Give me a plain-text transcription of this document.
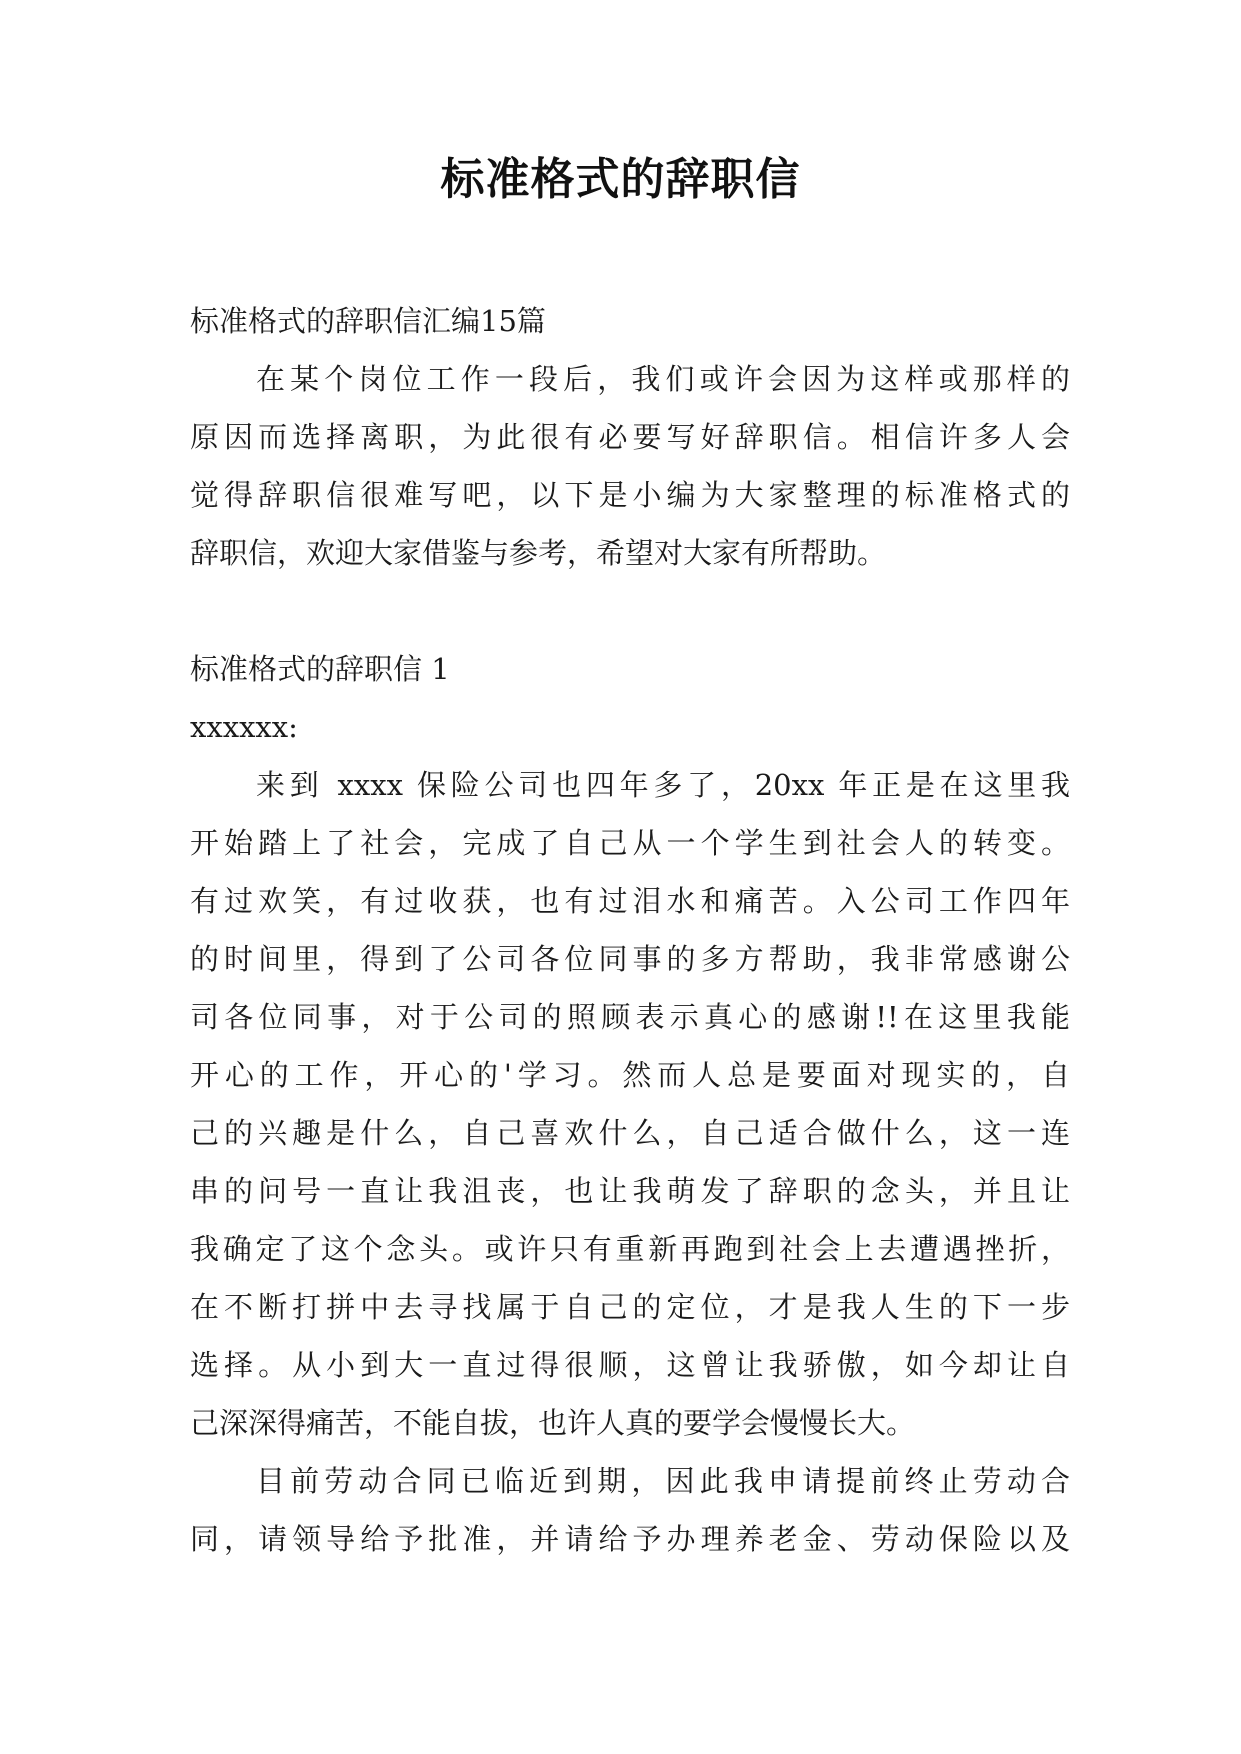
标准格式的辞职信
标准格式的辞职信汇编15篇
在某个岗位工作一段后，我们或许会因为这样或那样的
原因而选择离职，为此很有必要写好辞职信。相信许多人会
觉得辞职信很难写吧，以下是小编为大家整理的标准格式的
辞职信，欢迎大家借鉴与参考，希望对大家有所帮助。
标准格式的辞职信 1
xxxxxx:
来到 xxxx 保险公司也四年多了，20xx 年正是在这里我
开始踏上了社会，完成了自己从一个学生到社会人的转变。
有过欢笑，有过收获，也有过泪水和痛苦。入公司工作四年
的时间里，得到了公司各位同事的多方帮助，我非常感谢公
司各位同事，对于公司的照顾表示真心的感谢!!在这里我能
开心的工作，开心的'学习。然而人总是要面对现实的，自
己的兴趣是什么，自己喜欢什么，自己适合做什么，这一连
串的问号一直让我沮丧，也让我萌发了辞职的念头，并且让
我确定了这个念头。或许只有重新再跑到社会上去遭遇挫折，
在不断打拼中去寻找属于自己的定位，才是我人生的下一步
选择。从小到大一直过得很顺，这曾让我骄傲，如今却让自
己深深得痛苦，不能自拔，也许人真的要学会慢慢长大。
目前劳动合同已临近到期，因此我申请提前终止劳动合
同，请领导给予批准，并请给予办理养老金、劳动保险以及
